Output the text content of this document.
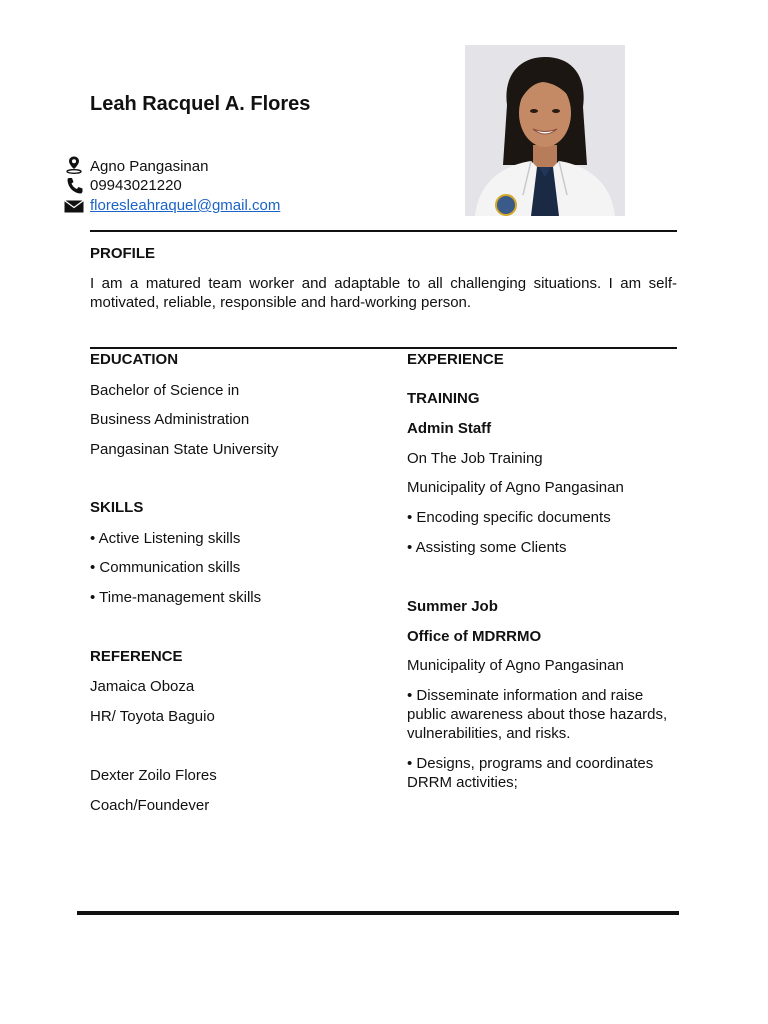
Leah Racquel A. Flores
Agno Pangasinan
09943021220
floresleahraquel@gmail.com
PROFILE
I am a matured team worker and adaptable to all challenging situations. I am self-motivated, reliable, responsible and hard-working person.
EDUCATION
Bachelor of Science in
Business Administration
Pangasinan State University
SKILLS
• Active Listening skills
• Communication skills
• Time-management skills
REFERENCE
Jamaica Oboza
HR/ Toyota Baguio
Dexter Zoilo Flores
Coach/Foundever
EXPERIENCE
TRAINING
Admin Staff
On The Job Training
Municipality of Agno Pangasinan
• Encoding specific documents
• Assisting some Clients
Summer Job
Office of MDRRMO
Municipality of Agno Pangasinan
• Disseminate information and raise public awareness about those hazards, vulnerabilities, and risks.
• Designs, programs and coordinates DRRM activities;
